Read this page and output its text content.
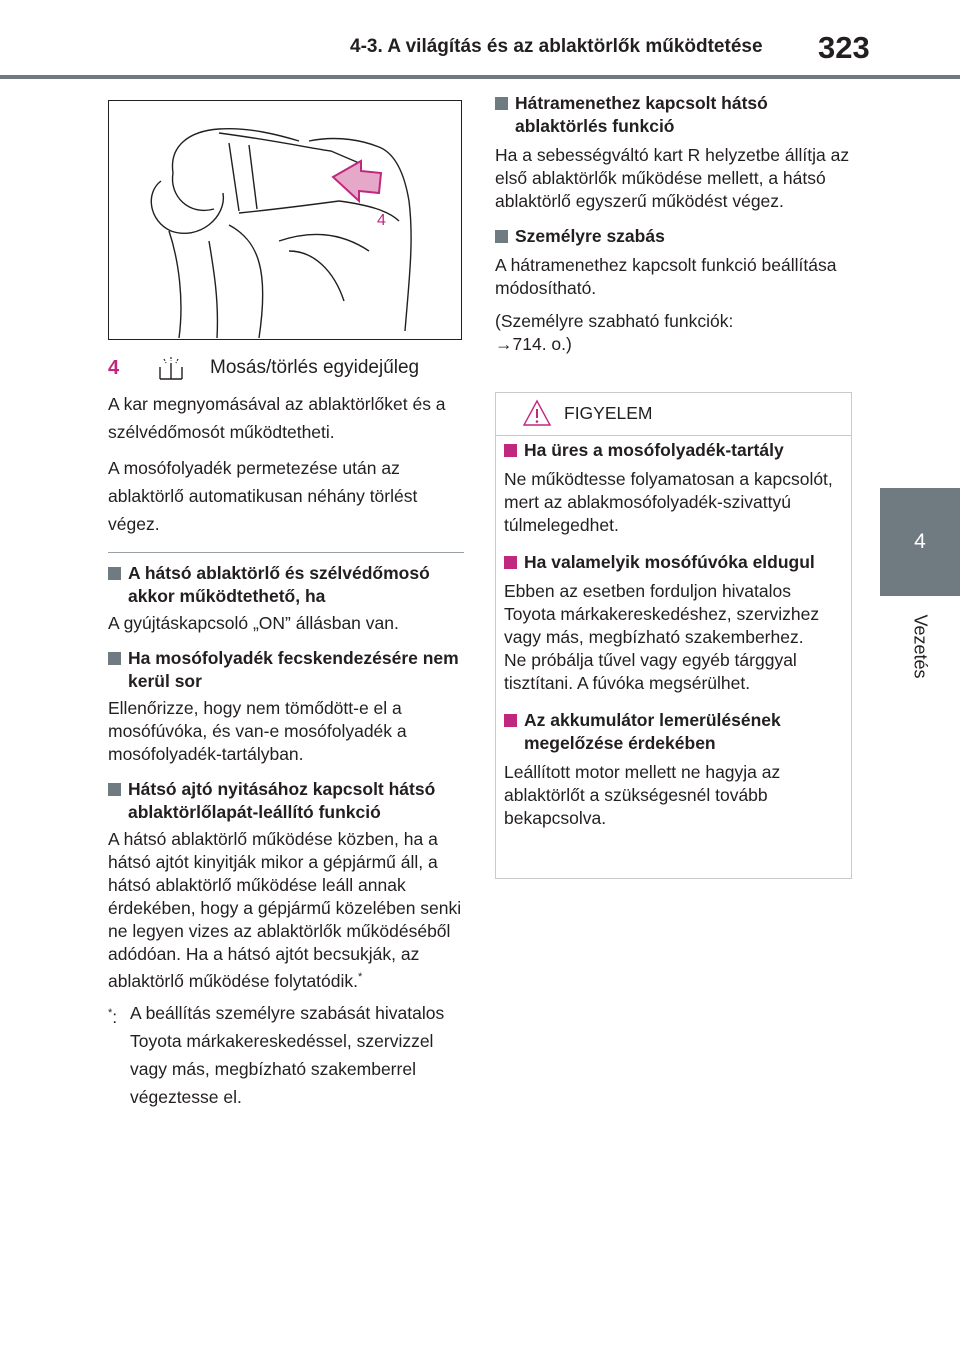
4-3. A világítás és az ablaktörlők működtetése 323
4
Vezetés
4
4	Mosás/törlés egyidejűleg

A kar megnyomásával az ablaktörlőket és a szélvédőmosót működtetheti.

A mosófolyadék permetezése után az ablaktörlő automatikusan néhány törlést végez.

A hátsó ablaktörlő és szélvédőmosó akkor működtethető, ha

A gyújtáskapcsoló „ON” állásban van.

Ha mosófolyadék fecskendezésére nem kerül sor

Ellenőrizze, hogy nem tömődött-e el a mosófúvóka, és van-e mosófolyadék a mosófolyadék-tartályban.

Hátsó ajtó nyitásához kapcsolt hátsó ablaktörlőlapát-leállító funkció

A hátsó ablaktörlő működése közben, ha a hátsó ajtót kinyitják mikor a gépjármű áll, a hátsó ablaktörlő működése leáll annak érdekében, hogy a gépjármű közelében senki ne legyen vizes az ablaktörlők működéséből adódóan. Ha a hátsó ajtót becsukják, az ablaktörlő működése folytatódik.*

*: A beállítás személyre szabását hivatalos Toyota márkakereskedéssel, szervizzel vagy más, megbízható szakemberrel végeztesse el.
Hátramenethez kapcsolt hátsó ablaktörlés funkció

Ha a sebességváltó kart R helyzetbe állítja az első ablaktörlők működése mellett, a hátsó ablaktörlő egyszerű működést végez.

Személyre szabás

A hátramenethez kapcsolt funkció beállítása módosítható.

(Személyre szabható funkciók:

→714. o.)

FIGYELEM
Ha üres a mosófolyadék-tartály

Ne működtesse folyamatosan a kapcsolót, mert az ablakmosófolyadék-szivattyú túlmelegedhet.

Ha valamelyik mosófúvóka eldugul

Ebben az esetben forduljon hivatalos Toyota márkakereskedéshez, szervizhez vagy más, megbízható szakemberhez.

Ne próbálja tűvel vagy egyéb tárggyal tisztítani. A fúvóka megsérülhet.

Az akkumulátor lemerülésének megelőzése érdekében

Leállított motor mellett ne hagyja az ablaktörlőt a szükségesnél tovább bekapcsolva.
